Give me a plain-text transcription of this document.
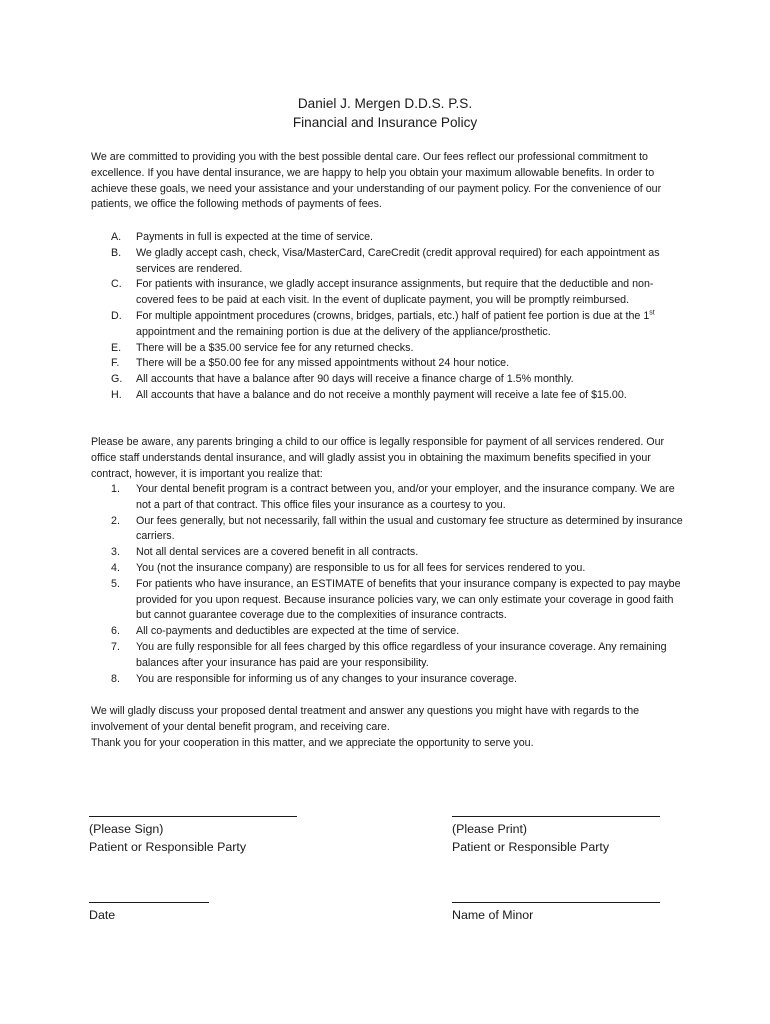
Daniel J. Mergen D.D.S. P.S.
Financial and Insurance Policy

We are committed to providing you with the best possible dental care. Our fees reflect our professional commitment to excellence. If you have dental insurance, we are happy to help you obtain your maximum allowable benefits. In order to achieve these goals, we need your assistance and your understanding of our payment policy. For the convenience of our patients, we office the following methods of payments of fees.

A. Payments in full is expected at the time of service.
B. We gladly accept cash, check, Visa/MasterCard, CareCredit (credit approval required) for each appointment as services are rendered.
C. For patients with insurance, we gladly accept insurance assignments, but require that the deductible and non-covered fees to be paid at each visit. In the event of duplicate payment, you will be promptly reimbursed.
D. For multiple appointment procedures (crowns, bridges, partials, etc.) half of patient fee portion is due at the 1st appointment and the remaining portion is due at the delivery of the appliance/prosthetic.
E. There will be a $35.00 service fee for any returned checks.
F. There will be a $50.00 fee for any missed appointments without 24 hour notice.
G. All accounts that have a balance after 90 days will receive a finance charge of 1.5% monthly.
H. All accounts that have a balance and do not receive a monthly payment will receive a late fee of $15.00.

Please be aware, any parents bringing a child to our office is legally responsible for payment of all services rendered. Our office staff understands dental insurance, and will gladly assist you in obtaining the maximum benefits specified in your contract, however, it is important you realize that:

1. Your dental benefit program is a contract between you, and/or your employer, and the insurance company. We are not a part of that contract. This office files your insurance as a courtesy to you.
2. Our fees generally, but not necessarily, fall within the usual and customary fee structure as determined by insurance carriers.
3. Not all dental services are a covered benefit in all contracts.
4. You (not the insurance company) are responsible to us for all fees for services rendered to you.
5. For patients who have insurance, an ESTIMATE of benefits that your insurance company is expected to pay maybe provided for you upon request. Because insurance policies vary, we can only estimate your coverage in good faith but cannot guarantee coverage due to the complexities of insurance contracts.
6. All co-payments and deductibles are expected at the time of service.
7. You are fully responsible for all fees charged by this office regardless of your insurance coverage. Any remaining balances after your insurance has paid are your responsibility.
8. You are responsible for informing us of any changes to your insurance coverage.

We will gladly discuss your proposed dental treatment and answer any questions you might have with regards to the involvement of your dental benefit program, and receiving care.

Thank you for your cooperation in this matter, and we appreciate the opportunity to serve you.

(Please Sign)
Patient or Responsible Party
(Please Print)
Patient or Responsible Party
Date	Name of Minor
